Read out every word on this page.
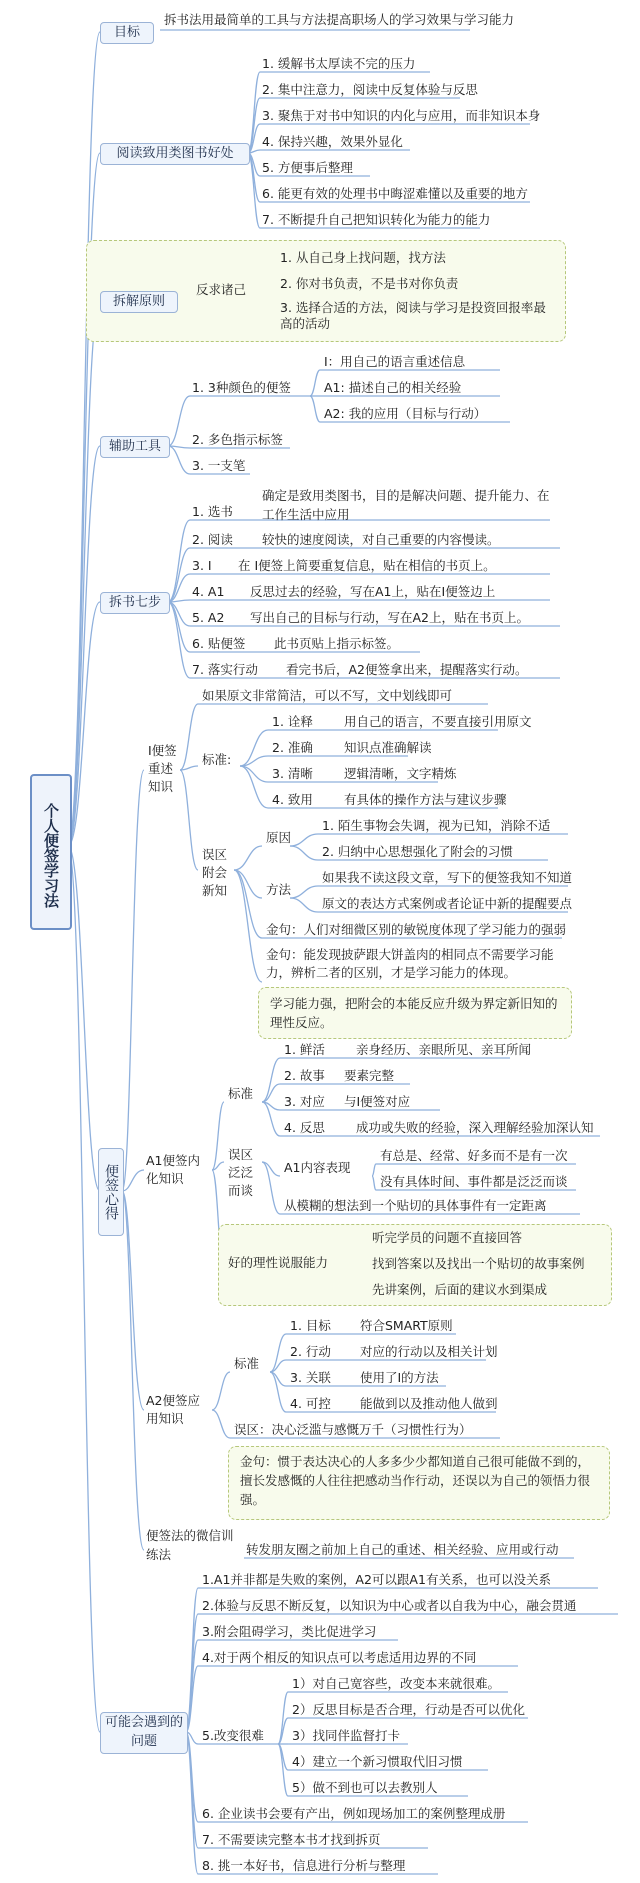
个人便签学习法
目标
拆书法用最简单的工具与方法提高职场人的学习效果与学习能力
阅读致用类图书好处
1. 缓解书太厚读不完的压力
2. 集中注意力，阅读中反复体验与反思
3. 聚焦于对书中知识的内化与应用，而非知识本身
4. 保持兴趣，效果外显化
5. 方便事后整理
6. 能更有效的处理书中晦涩难懂以及重要的地方
7. 不断提升自己把知识转化为能力的能力
拆解原则
反求诸己
1. 从自己身上找问题，找方法
2. 你对书负责，不是书对你负责
3. 选择合适的方法，阅读与学习是投资回报率最高的活动
辅助工具
1. 3种颜色的便签
2. 多色指示标签
3. 一支笔
I：用自己的语言重述信息
A1: 描述自己的相关经验
A2: 我的应用（目标与行动）
拆书七步
1. 选书
确定是致用类图书，目的是解决问题、提升能力、在工作生活中应用
2. 阅读 较快的速度阅读，对自己重要的内容慢读。
3. I 在 I便签上简要重复信息，贴在相信的书页上。
4. A1 反思过去的经验，写在A1上，贴在I便签边上
5. A2 写出自己的目标与行动，写在A2上，贴在书页上。
6. 贴便签 此书页贴上指示标签。
7. 落实行动 看完书后，A2便签拿出来，提醒落实行动。
便签心得
I便签重述知识
如果原文非常简洁，可以不写，文中划线即可
标准:
1. 诠释 用自己的语言，不要直接引用原文
2. 准确 知识点准确解读
3. 清晰 逻辑清晰，文字精炼
4. 致用 有具体的操作方法与建议步骤
误区附会新知
原因
1. 陌生事物会失调，视为已知，消除不适
2. 归纳中心思想强化了附会的习惯
方法
如果我不读这段文章，写下的便签我知不知道
原文的表达方式案例或者论证中新的提醒要点
金句：人们对细微区别的敏锐度体现了学习能力的强弱
金句：能发现披萨跟大饼盖肉的相同点不需要学习能力，辨析二者的区别，才是学习能力的体现。
学习能力强，把附会的本能反应升级为界定新旧知的理性反应。
A1便签内化知识
标准
1. 鲜活 亲身经历、亲眼所见、亲耳所闻
2. 故事 要素完整
3. 对应 与I便签对应
4. 反思 成功或失败的经验，深入理解经验加深认知
误区泛泛而谈
A1内容表现
有总是、经常、好多而不是有一次
没有具体时间、事件都是泛泛而谈
从模糊的想法到一个贴切的具体事件有一定距离
好的理性说服能力
听完学员的问题不直接回答
找到答案以及找出一个贴切的故事案例
先讲案例，后面的建议水到渠成
A2便签应用知识
标准
1. 目标 符合SMART原则
2. 行动 对应的行动以及相关计划
3. 关联 使用了I的方法
4. 可控 能做到以及推动他人做到
误区：决心泛滥与感慨万千（习惯性行为）
金句：惯于表达决心的人多多少少都知道自己很可能做不到的，擅长发感慨的人往往把感动当作行动，还误以为自己的领悟力很强。
便签法的微信训练法	转发朋友圈之前加上自己的重述、相关经验、应用或行动
可能会遇到的问题
1.A1并非都是失败的案例，A2可以跟A1有关系，也可以没关系
2.体验与反思不断反复，以知识为中心或者以自我为中心，融会贯通
3.附会阻碍学习，类比促进学习
4.对于两个相反的知识点可以考虑适用边界的不同
5.改变很难
1）对自己宽容些，改变本来就很难。
2）反思目标是否合理，行动是否可以优化
3）找同伴监督打卡
4）建立一个新习惯取代旧习惯
5）做不到也可以去教别人
6. 企业读书会要有产出，例如现场加工的案例整理成册
7. 不需要读完整本书才找到拆页
8. 挑一本好书，信息进行分析与整理
